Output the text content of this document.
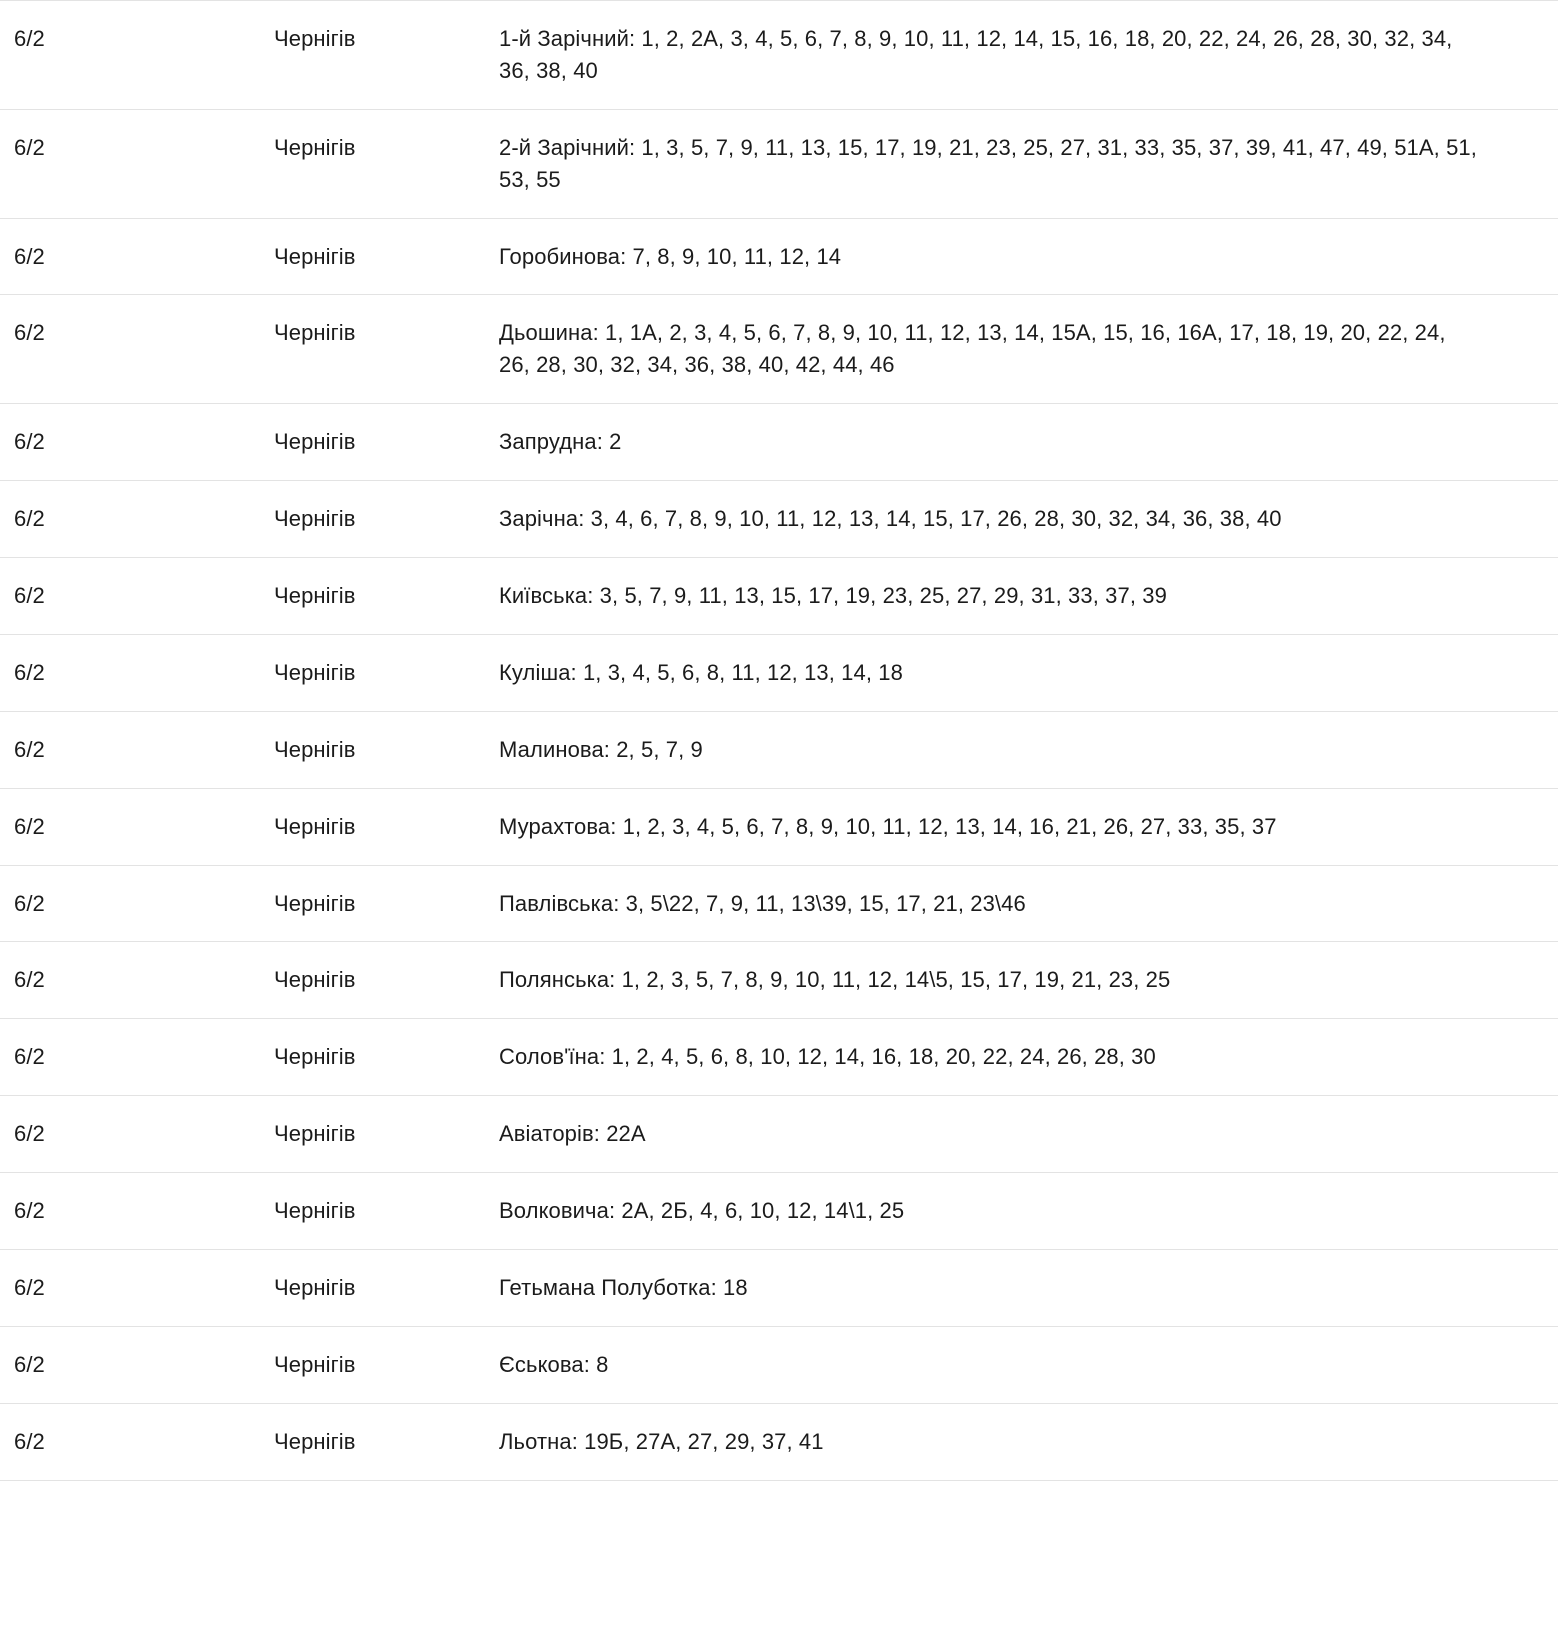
6/2	Чернігів	1-й Зарічний: 1, 2, 2А, 3, 4, 5, 6, 7, 8, 9, 10, 11, 12, 14, 15, 16, 18, 20, 22, 24, 26, 28, 30, 32, 34, 36, 38, 40
6/2	Чернігів	2-й Зарічний: 1, 3, 5, 7, 9, 11, 13, 15, 17, 19, 21, 23, 25, 27, 31, 33, 35, 37, 39, 41, 47, 49, 51А, 51, 53, 55
6/2	Чернігів	Горобинова: 7, 8, 9, 10, 11, 12, 14
6/2	Чернігів	Дьошина: 1, 1А, 2, 3, 4, 5, 6, 7, 8, 9, 10, 11, 12, 13, 14, 15А, 15, 16, 16А, 17, 18, 19, 20, 22, 24, 26, 28, 30, 32, 34, 36, 38, 40, 42, 44, 46
6/2	Чернігів	Запрудна: 2
6/2	Чернігів	Зарічна: 3, 4, 6, 7, 8, 9, 10, 11, 12, 13, 14, 15, 17, 26, 28, 30, 32, 34, 36, 38, 40
6/2	Чернігів	Київська: 3, 5, 7, 9, 11, 13, 15, 17, 19, 23, 25, 27, 29, 31, 33, 37, 39
6/2	Чернігів	Куліша: 1, 3, 4, 5, 6, 8, 11, 12, 13, 14, 18
6/2	Чернігів	Малинова: 2, 5, 7, 9
6/2	Чернігів	Мурахтова: 1, 2, 3, 4, 5, 6, 7, 8, 9, 10, 11, 12, 13, 14, 16, 21, 26, 27, 33, 35, 37
6/2	Чернігів	Павлівська: 3, 5\22, 7, 9, 11, 13\39, 15, 17, 21, 23\46
6/2	Чернігів	Полянська: 1, 2, 3, 5, 7, 8, 9, 10, 11, 12, 14\5, 15, 17, 19, 21, 23, 25
6/2	Чернігів	Солов'їна: 1, 2, 4, 5, 6, 8, 10, 12, 14, 16, 18, 20, 22, 24, 26, 28, 30
6/2	Чернігів	Авіаторів: 22А
6/2	Чернігів	Волковича: 2А, 2Б, 4, 6, 10, 12, 14\1, 25
6/2	Чернігів	Гетьмана Полуботка: 18
6/2	Чернігів	Єськова: 8
6/2	Чернігів	Льотна: 19Б, 27А, 27, 29, 37, 41
